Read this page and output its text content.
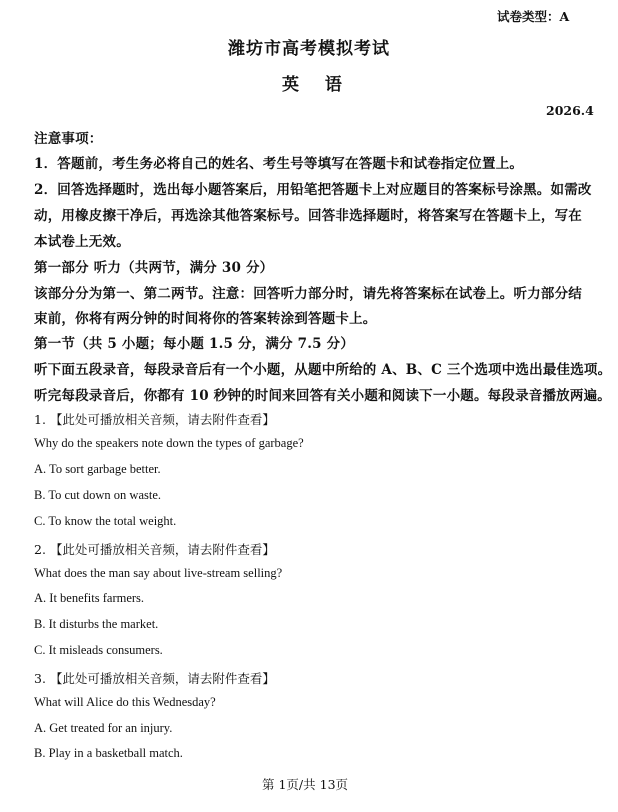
试卷类型：A
潍坊市高考模拟考试
英 语
2026.4
注意事项：
1．答题前，考生务必将自己的姓名、考生号等填写在答题卡和试卷指定位置上。
2．回答选择题时，选出每小题答案后，用铅笔把答题卡上对应题目的答案标号涂黑。如需改
动，用橡皮擦干净后，再选涂其他答案标号。回答非选择题时，将答案写在答题卡上，写在
本试卷上无效。
第一部分 听力（共两节，满分 30 分）
该部分分为第一、第二两节。注意：回答听力部分时，请先将答案标在试卷上。听力部分结
束前，你将有两分钟的时间将你的答案转涂到答题卡上。
第一节（共 5 小题；每小题 1.5 分，满分 7.5 分）
听下面五段录音，每段录音后有一个小题，从题中所给的 A、B、C 三个选项中选出最佳选项。
听完每段录音后，你都有 10 秒钟的时间来回答有关小题和阅读下一小题。每段录音播放两遍。
1. 【此处可播放相关音频，请去附件查看】
Why do the speakers note down the types of garbage?
A. To sort garbage better.
B. To cut down on waste.
C. To know the total weight.
2. 【此处可播放相关音频，请去附件查看】
What does the man say about live-stream selling?
A. It benefits farmers.
B. It disturbs the market.
C. It misleads consumers.
3. 【此处可播放相关音频，请去附件查看】
What will Alice do this Wednesday?
A. Get treated for an injury.
B. Play in a basketball match.
第 1页/共 13页
